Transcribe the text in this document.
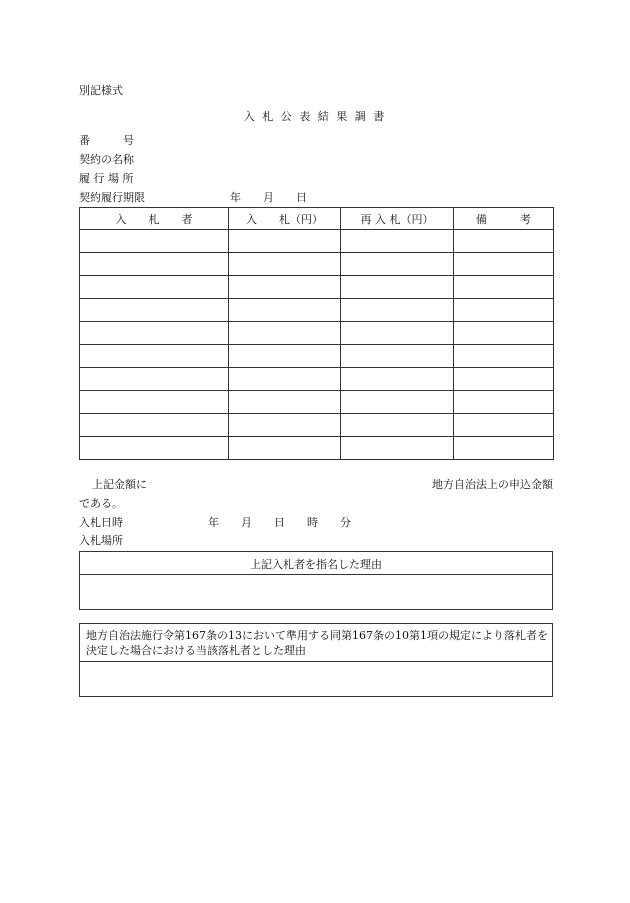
別記様式
入 札 公 表 結 果 調 書
番　　　号
契約の名称
履 行 場 所
契約履行期限	年　　月　　日
入　　札　　者	入　　札（円）	再 入 札（円）	備　　　考

上記金額に	地方自治法上の申込金額
である。
入札日時	年　　月　　日　　時　　分
入札場所
上記入札者を指名した理由
地方自治法施行令第167条の13において準用する同第167条の10第1項の規定により落札者を決定した場合における当該落札者とした理由
